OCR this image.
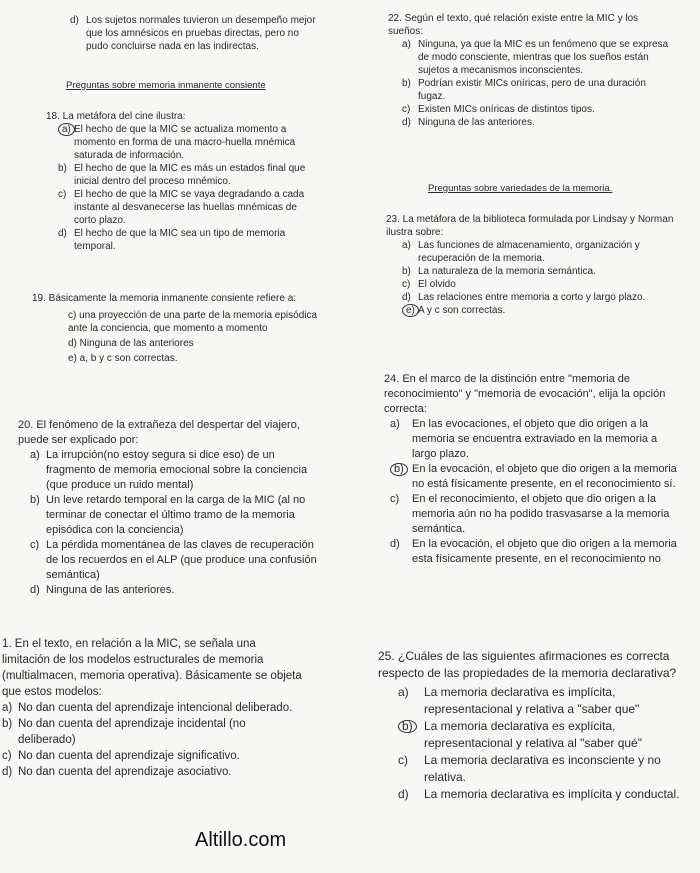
d) Los sujetos normales tuvieron un desempeño mejor que los amnésicos en pruebas directas, pero no pudo concluirse nada en las indirectas.
Preguntas sobre memoria inmanente consiente
18. La metáfora del cine ilustra:
a) El hecho de que la MIC se actualiza momento a momento en forma de una macro-huella mnémica saturada de información.
b) El hecho de que la MIC es más un estados final que inicial dentro del proceso mnémico.
c) El hecho de que la MIC se vaya degradando a cada instante al desvanecerse las huellas mnémicas de corto plazo.
d) El hecho de que la MIC sea un tipo de memoria temporal.
19. Básicamente la memoria inmanente consiente refiere a:
c) una proyección de una parte de la memoria episódica ante la conciencia, que momento a momento
d) Ninguna de las anteriores
e) a, b y c son correctas.
20. El fenómeno de la extrañeza del despertar del viajero, puede ser explicado por:
a) La irrupción(no estoy segura si dice eso) de un fragmento de memoria emocional sobre la conciencia (que produce un ruido mental)
b) Un leve retardo temporal en la carga de la MIC (al no terminar de conectar el último tramo de la memoria episódica con la conciencia)
c) La pérdida momentánea de las claves de recuperación de los recuerdos en el ALP (que produce una confusión semántica)
d) Ninguna de las anteriores.
1. En el texto, en relación a la MIC, se señala una limitación de los modelos estructurales de memoria (multialmacen, memoria operativa). Básicamente se objeta que estos modelos:
a) No dan cuenta del aprendizaje intencional deliberado.
b) No dan cuenta del aprendizaje incidental (no deliberado)
c) No dan cuenta del aprendizaje significativo.
d) No dan cuenta del aprendizaje asociativo.
22. Según el texto, qué relación existe entre la MIC y los sueños:
a) Ninguna, ya que la MIC es un fenómeno que se expresa de modo consciente, mientras que los sueños están sujetos a mecanismos inconscientes.
b) Podrían existir MICs oníricas, pero de una duración fugaz.
c) Existen MICs oníricas de distintos tipos.
d) Ninguna de las anteriores.
Preguntas sobre variedades de la memoria.
23. La metáfora de la biblioteca formulada por Lindsay y Norman ilustra sobre:
a) Las funciones de almacenamiento, organización y recuperación de la memoria.
b) La naturaleza de la memoria semántica.
c) El olvido
d) Las relaciones entre memoria a corto y largo plazo.
e) A y c son correctas.
24. En el marco de la distinción entre "memoria de reconocimiento" y "memoria de evocación", elija la opción correcta:
a) En las evocaciones, el objeto que dio origen a la memoria se encuentra extraviado en la memoria a largo plazo.
b) En la evocación, el objeto que dio origen a la memoria no está físicamente presente, en el reconocimiento sí.
c) En el reconocimiento, el objeto que dio origen a la memoria aún no ha podido trasvasarse a la memoria semántica.
d) En la evocación, el objeto que dio origen a la memoria esta físicamente presente, en el reconocimiento no
25. ¿Cuáles de las siguientes afirmaciones es correcta respecto de las propiedades de la memoria declarativa?
a) La memoria declarativa es implícita, representacional y relativa a "saber que"
b) La memoria declarativa es explícita, representacional y relativa al "saber qué"
c) La memoria declarativa es inconsciente y no relativa.
d) La memoria declarativa es implícita y conductal.
Altillo.com
